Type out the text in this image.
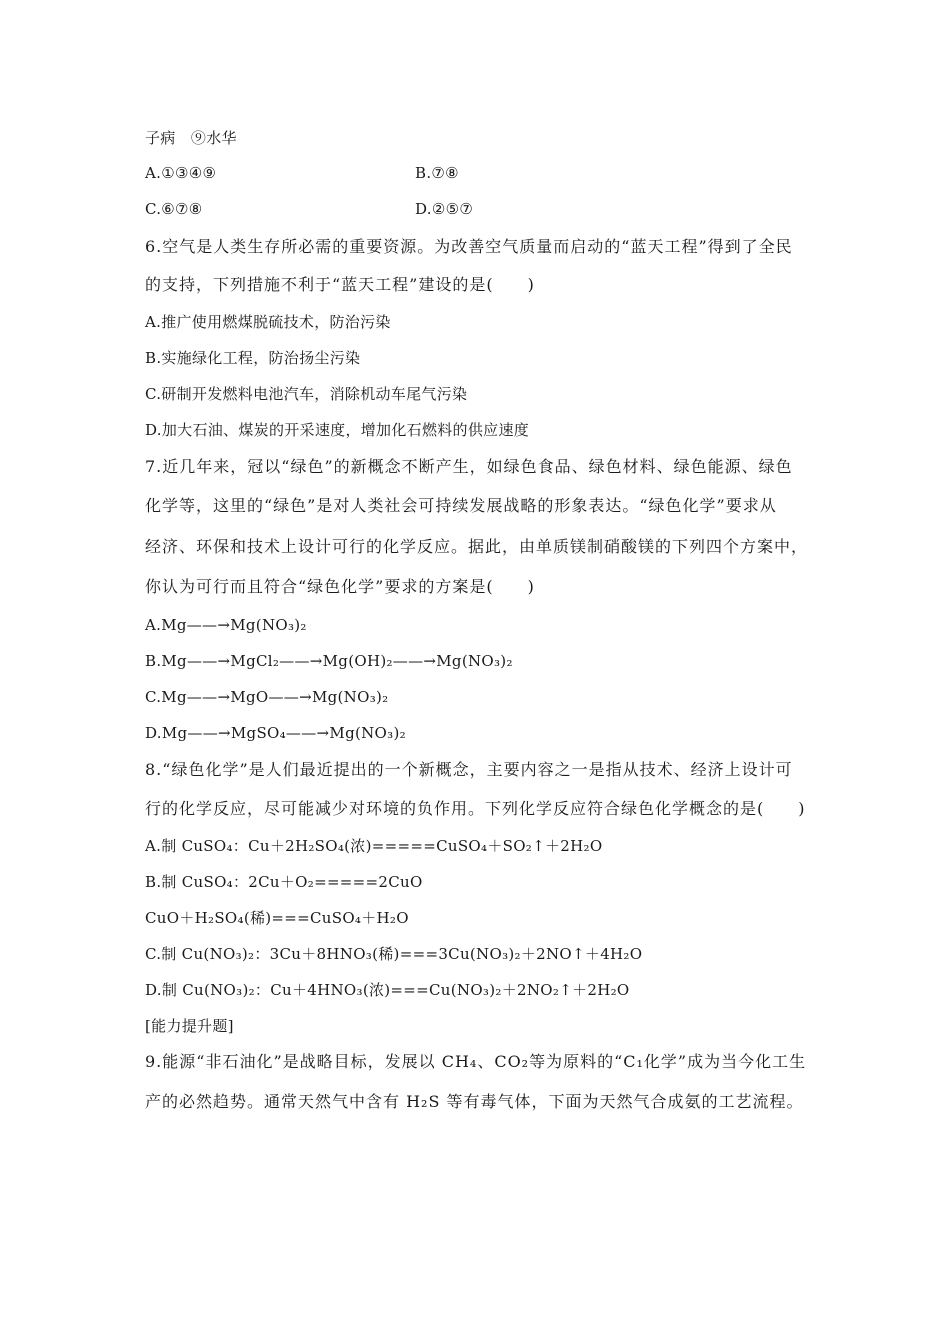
子病　⑨水华
A.①③④⑨	B.⑦⑧
C.⑥⑦⑧	D.②⑤⑦
6.空气是人类生存所必需的重要资源。为改善空气质量而启动的“蓝天工程”得到了全民
的支持，下列措施不利于“蓝天工程”建设的是(　　)
A.推广使用燃煤脱硫技术，防治污染
B.实施绿化工程，防治扬尘污染
C.研制开发燃料电池汽车，消除机动车尾气污染
D.加大石油、煤炭的开采速度，增加化石燃料的供应速度
7.近几年来，冠以“绿色”的新概念不断产生，如绿色食品、绿色材料、绿色能源、绿色
化学等，这里的“绿色”是对人类社会可持续发展战略的形象表达。“绿色化学”要求从
经济、环保和技术上设计可行的化学反应。据此，由单质镁制硝酸镁的下列四个方案中，
你认为可行而且符合“绿色化学”要求的方案是(　　)
A.Mg——→Mg(NO₃)₂
B.Mg——→MgCl₂——→Mg(OH)₂——→Mg(NO₃)₂
C.Mg——→MgO——→Mg(NO₃)₂
D.Mg——→MgSO₄——→Mg(NO₃)₂
8.“绿色化学”是人们最近提出的一个新概念，主要内容之一是指从技术、经济上设计可
行的化学反应，尽可能减少对环境的负作用。下列化学反应符合绿色化学概念的是(　　)
A.制 CuSO₄：Cu＋2H₂SO₄(浓)=====CuSO₄＋SO₂↑＋2H₂O
B.制 CuSO₄：2Cu＋O₂=====2CuO
CuO＋H₂SO₄(稀)===CuSO₄＋H₂O
C.制 Cu(NO₃)₂：3Cu＋8HNO₃(稀)===3Cu(NO₃)₂＋2NO↑＋4H₂O
D.制 Cu(NO₃)₂：Cu＋4HNO₃(浓)===Cu(NO₃)₂＋2NO₂↑＋2H₂O
[能力提升题]
9.能源“非石油化”是战略目标，发展以 CH₄、CO₂等为原料的“C₁化学”成为当今化工生
产的必然趋势。通常天然气中含有 H₂S 等有毒气体，下面为天然气合成氨的工艺流程。
